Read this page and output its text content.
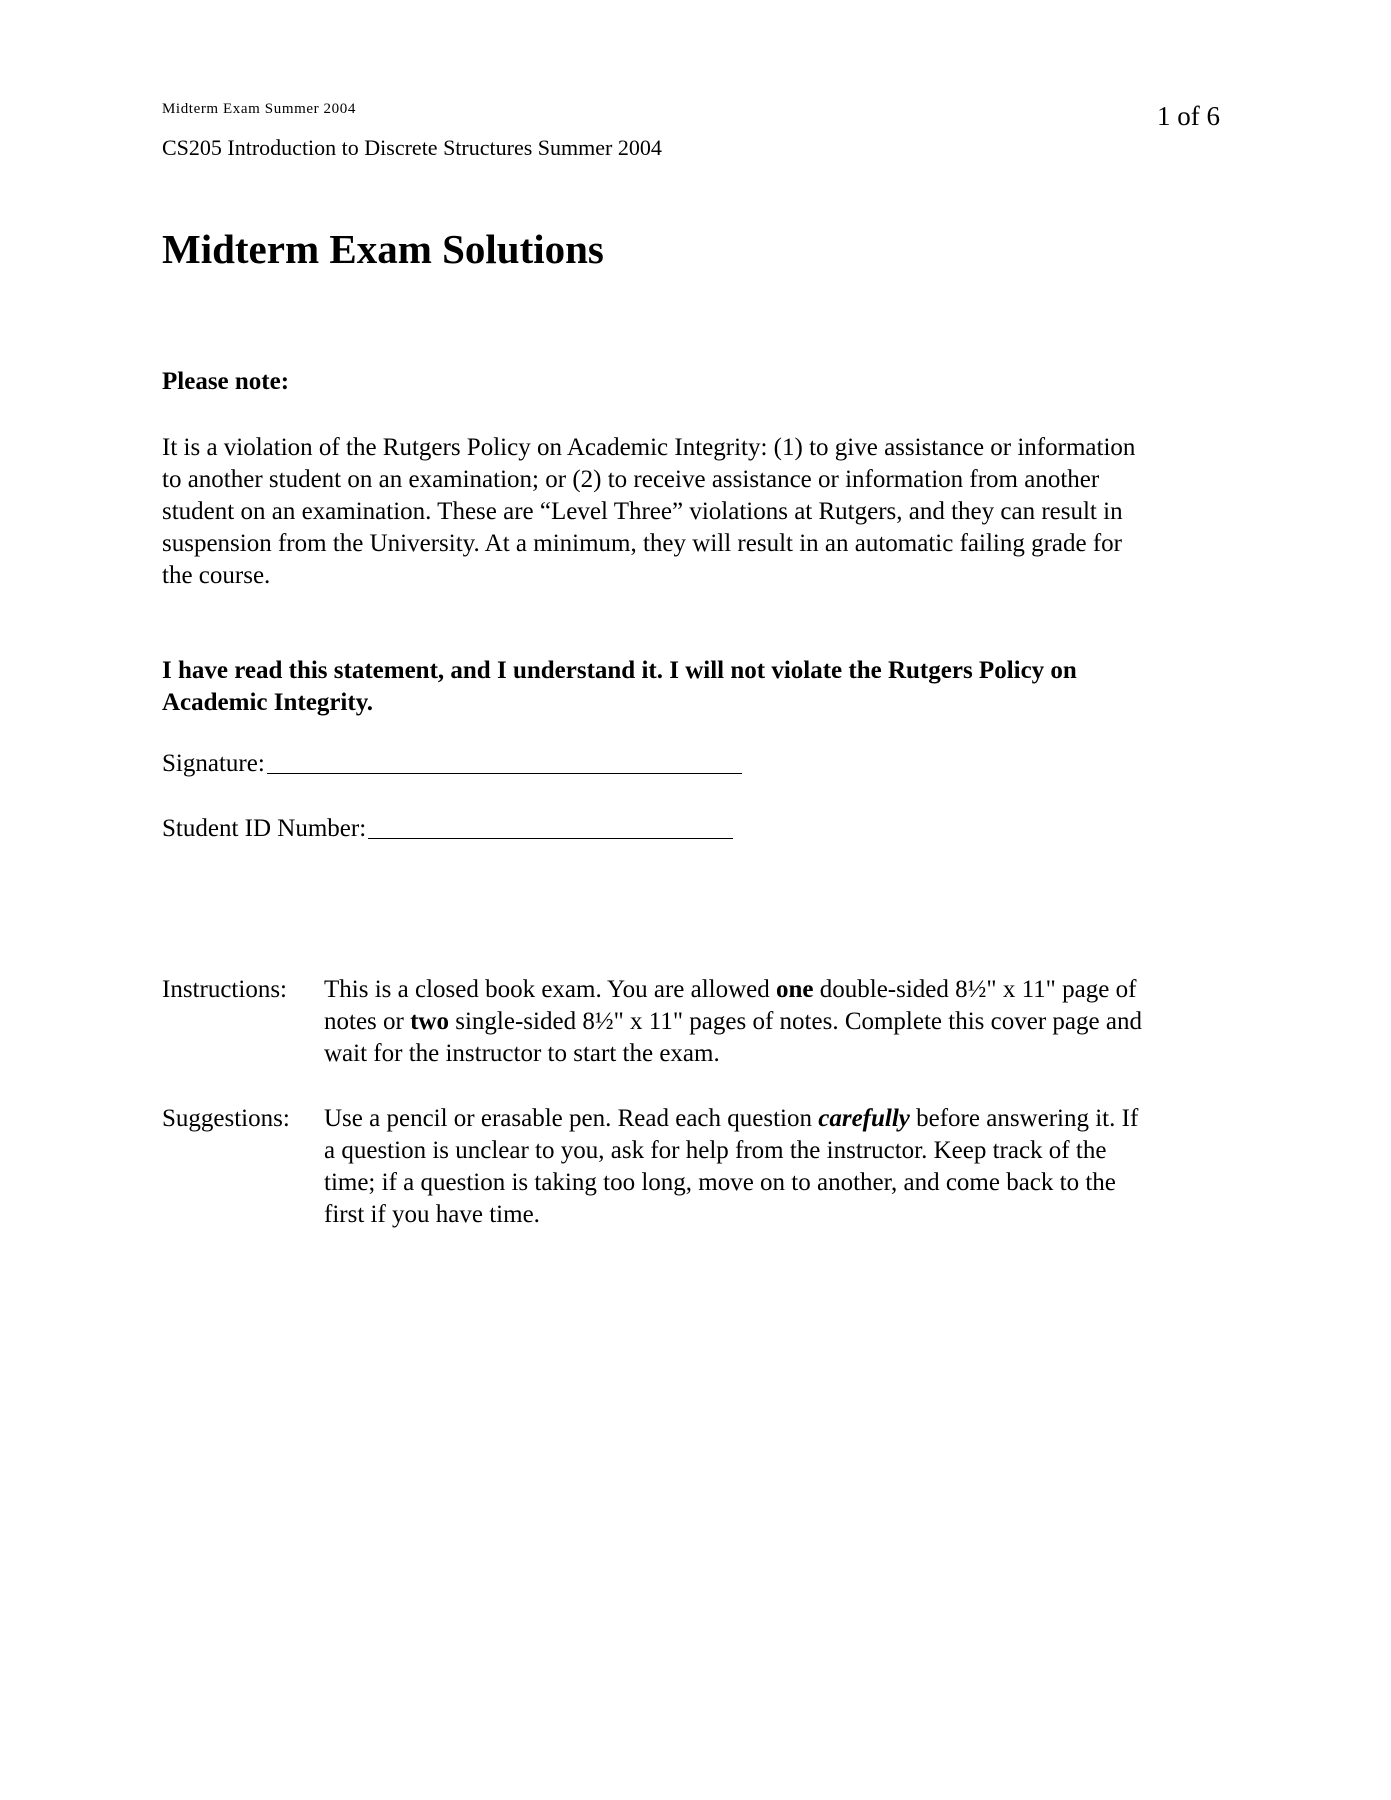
Midterm Exam Summer 2004	1 of 6
CS205 Introduction to Discrete Structures Summer 2004
Midterm Exam Solutions
Please note:
It is a violation of the Rutgers Policy on Academic Integrity: (1) to give assistance or information
to another student on an examination; or (2) to receive assistance or information from another
student on an examination. These are “Level Three” violations at Rutgers, and they can result in
suspension from the University. At a minimum, they will result in an automatic failing grade for
the course.
I have read this statement, and I understand it. I will not violate the Rutgers Policy on
Academic Integrity.
Signature:
Student ID Number:
Instructions: This is a closed book exam. You are allowed one double-sided 8½" x 11" page of
notes or two single-sided 8½" x 11" pages of notes. Complete this cover page and
wait for the instructor to start the exam.
Suggestions: Use a pencil or erasable pen. Read each question carefully before answering it. If
a question is unclear to you, ask for help from the instructor. Keep track of the
time; if a question is taking too long, move on to another, and come back to the
first if you have time.
